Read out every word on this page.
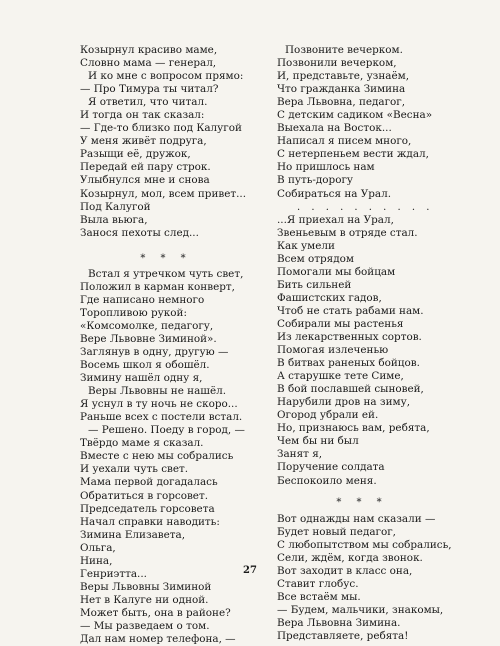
Козырнул красиво маме,
Словно мама — генерал,
И ко мне с вопросом прямо:
— Про Тимура ты читал?
Я ответил, что читал.
И тогда он так сказал:
— Где-то близко под Калугой
У меня живёт подруга,
Разыщи её, дружок,
Передай ей пару строк.
Улыбнулся мне и снова
Козырнул, мол, всем привет...
Под Калугой
Выла вьюга,
Занося пехоты след...
* * *
Встал я утречком чуть свет,
Положил в карман конверт,
Где написано немного
Торопливою рукой:
«Комсомолке, педагогу,
Вере Львовне Зиминой».
Заглянув в одну, другую —
Восемь школ я обошёл.
Зимину нашёл одну я,
Веры Львовны не нашёл.
Я уснул в ту ночь не скоро...
Раньше всех с постели встал.
— Решено. Поеду в город, —
Твёрдо маме я сказал.
Вместе с нею мы собрались
И уехали чуть свет.
Мама первой догадалась
Обратиться в горсовет.
Председатель горсовета
Начал справки наводить:
Зимина Елизавета,
Ольга,
Нина,
Генриэтта...
Веры Львовны Зиминой
Нет в Калуге ни одной.
Может быть, она в районе?
— Мы разведаем о том.
Дал нам номер телефона, —
Позвоните вечерком.
Позвонили вечерком,
И, представьте, узнаём,
Что гражданка Зимина
Вера Львовна, педагог,
С детским садиком «Весна»
Выехала на Восток...
Написал я писем много,
С нетерпеньем вести ждал,
Но пришлось нам
В путь-дорогу
Собираться на Урал.
. . . . . . . . . .
...Я приехал на Урал,
Звеньевым в отряде стал.
Как умели
Всем отрядом
Помогали мы бойцам
Бить сильней
Фашистских гадов,
Чтоб не стать рабами нам.
Собирали мы растенья
Из лекарственных сортов.
Помогая излеченью
В битвах раненых бойцов.
А старушке тете Симе,
В бой пославшей сыновей,
Нарубили дров на зиму,
Огород убрали ей.
Но, признаюсь вам, ребята,
Чем бы ни был
Занят я,
Поручение солдата
Беспокоило меня.
* * *
Вот однажды нам сказали —
Будет новый педагог,
С любопытством мы собрались,
Сели, ждём, когда звонок.
Вот заходит в класс она,
Ставит глобус.
Все встаём мы.
— Будем, мальчики, знакомы,
Вера Львовна Зимина.
Представляете, ребята!
27
